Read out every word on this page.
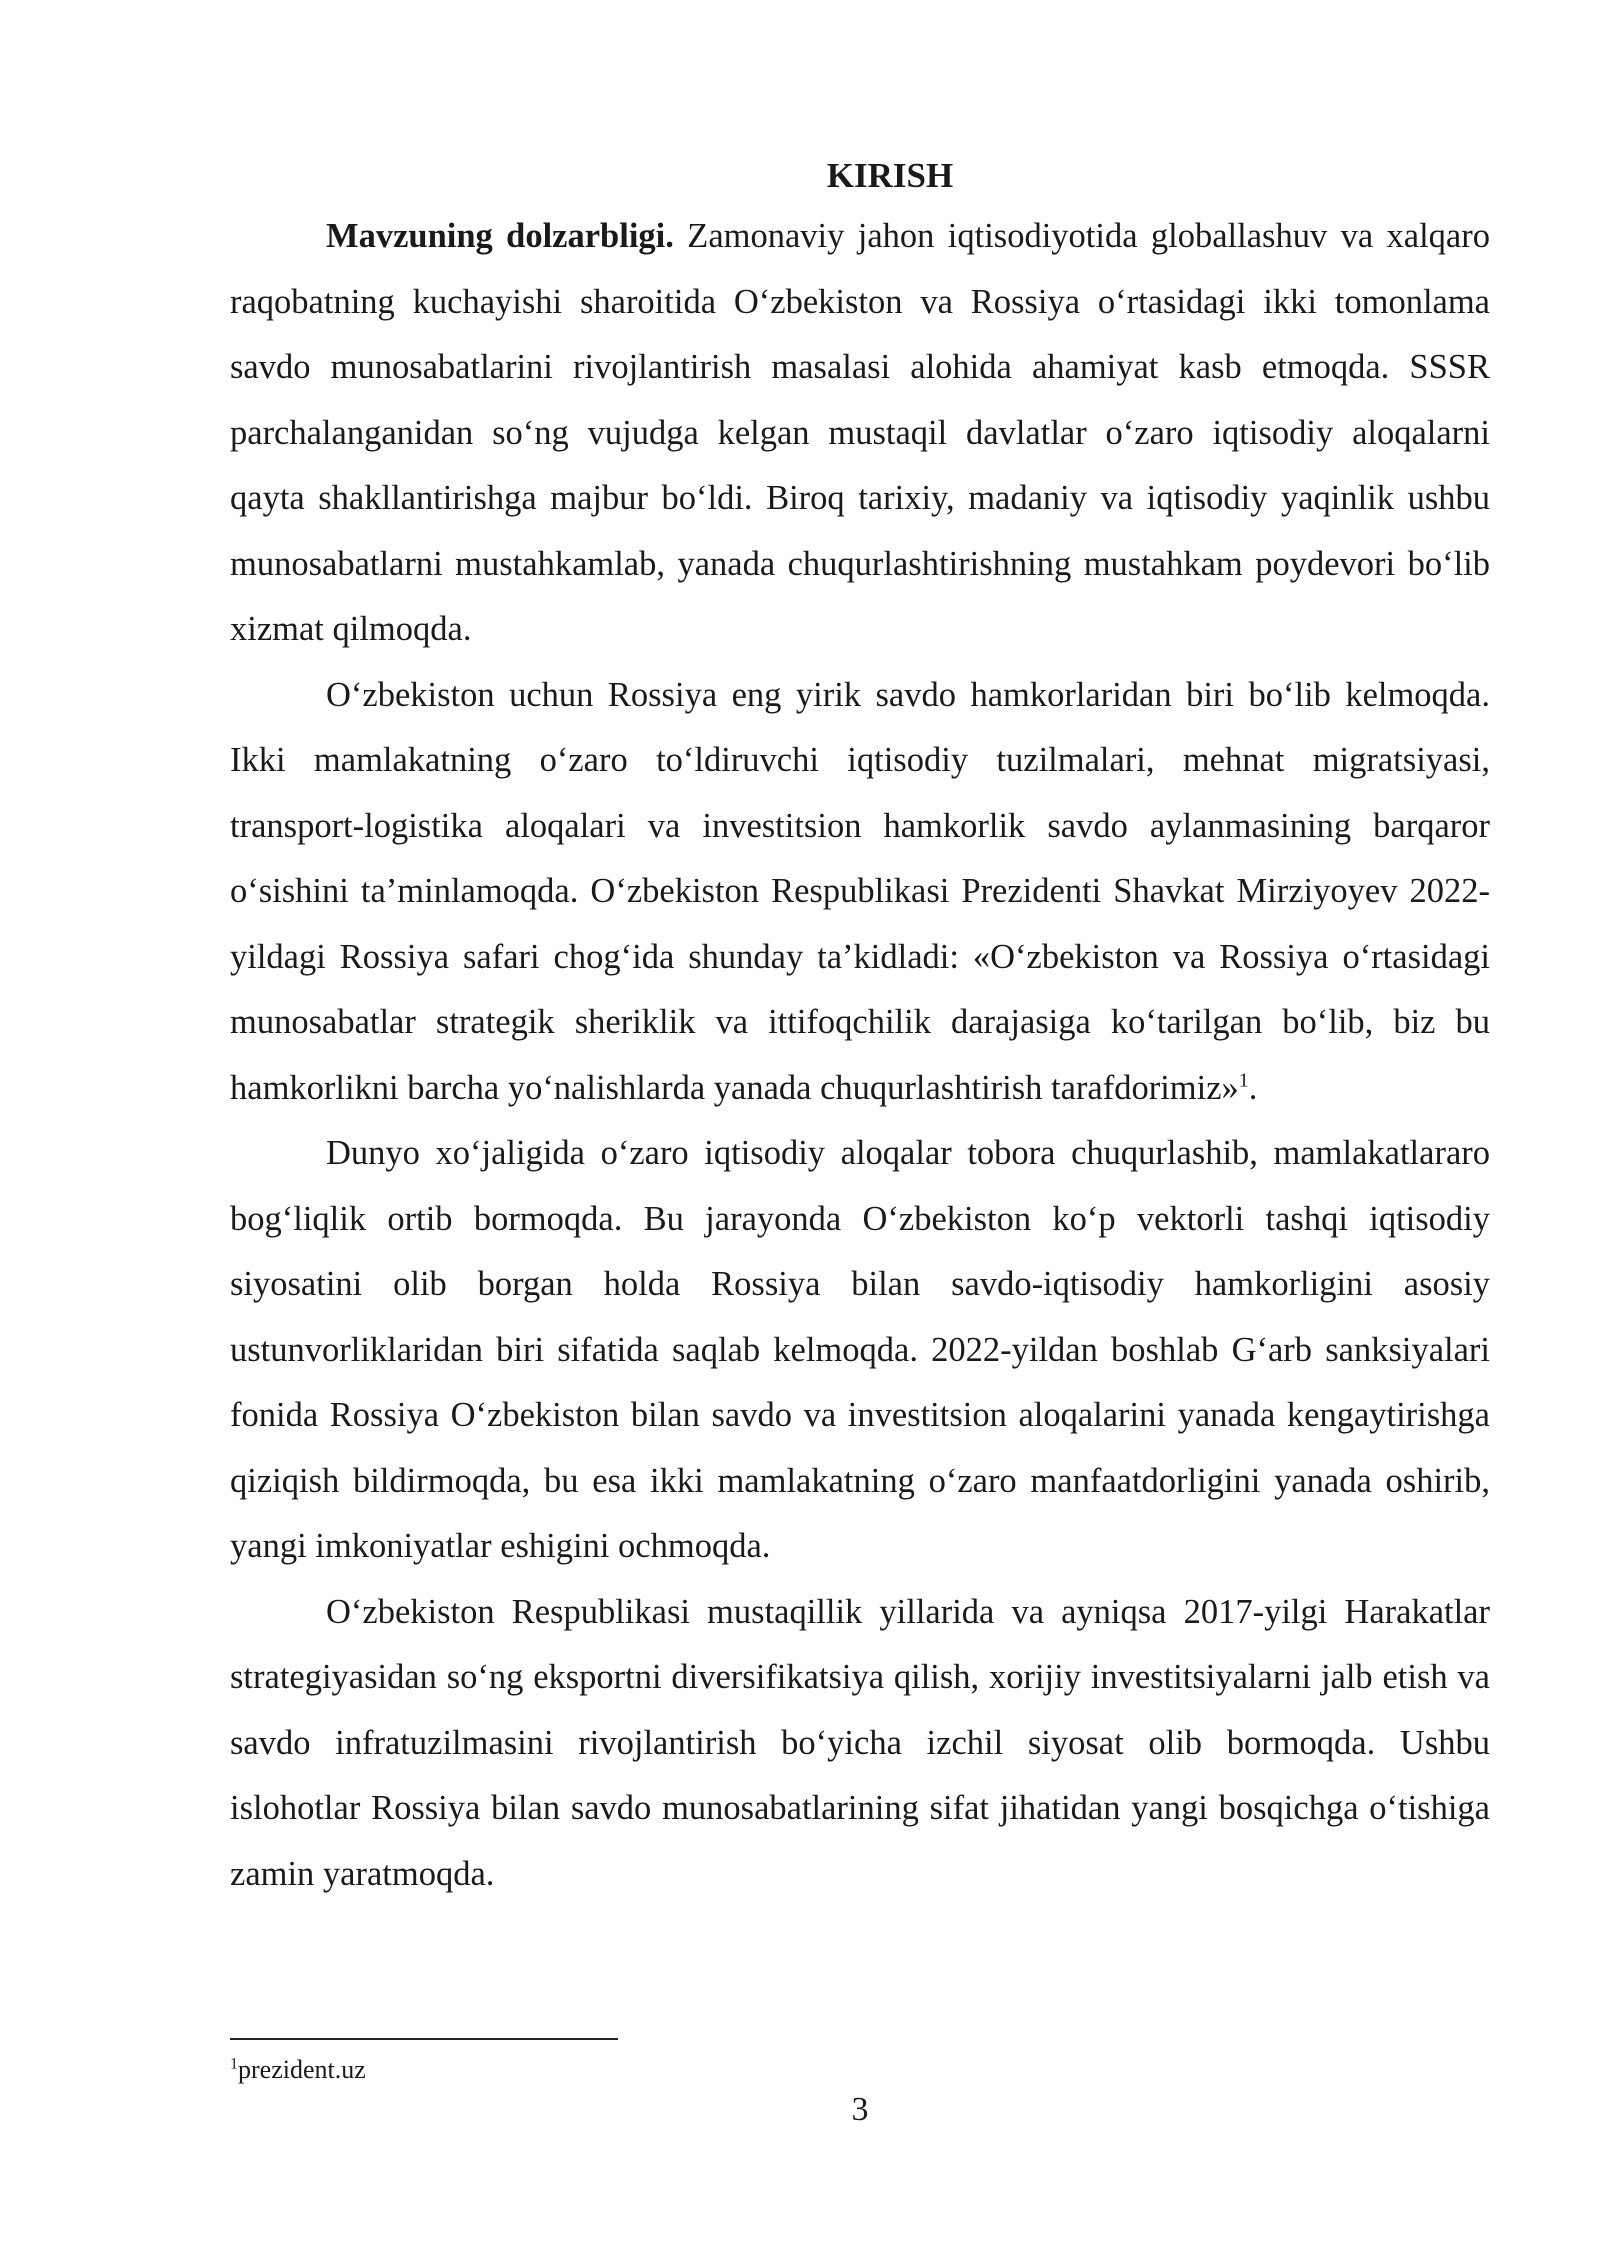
KIRISH

Mavzuning dolzarbligi. Zamonaviy jahon iqtisodiyotida globallashuv va xalqaro raqobatning kuchayishi sharoitida O‘zbekiston va Rossiya o‘rtasidagi ikki tomonlama savdo munosabatlarini rivojlantirish masalasi alohida ahamiyat kasb etmoqda. SSSR parchalanganidan so‘ng vujudga kelgan mustaqil davlatlar o‘zaro iqtisodiy aloqalarni qayta shakllantirishga majbur bo‘ldi. Biroq tarixiy, madaniy va iqtisodiy yaqinlik ushbu munosabatlarni mustahkamlab, yanada chuqurlashtirishning mustahkam poydevori bo‘lib xizmat qilmoqda.

O‘zbekiston uchun Rossiya eng yirik savdo hamkorlaridan biri bo‘lib kelmoqda. Ikki mamlakatning o‘zaro to‘ldiruvchi iqtisodiy tuzilmalari, mehnat migratsiyasi, transport-logistika aloqalari va investitsion hamkorlik savdo aylanmasining barqaror o‘sishini ta’minlamoqda. O‘zbekiston Respublikasi Prezidenti Shavkat Mirziyoyev 2022-yildagi Rossiya safari chog‘ida shunday ta’kidladi: «O‘zbekiston va Rossiya o‘rtasidagi munosabatlar strategik sheriklik va ittifoqchilik darajasiga ko‘tarilgan bo‘lib, biz bu hamkorlikni barcha yo‘nalishlarda yanada chuqurlashtirish tarafdorimiz»$^1$.

Dunyo xo‘jaligida o‘zaro iqtisodiy aloqalar tobora chuqurlashib, mamlakatlararo bog‘liqlik ortib bormoqda. Bu jarayonda O‘zbekiston ko‘p vektorli tashqi iqtisodiy siyosatini olib borgan holda Rossiya bilan savdo-iqtisodiy hamkorligini asosiy ustunvorliklaridan biri sifatida saqlab kelmoqda. 2022-yildan boshlab G‘arb sanksiyalari fonida Rossiya O‘zbekiston bilan savdo va investitsion aloqalarini yanada kengaytirishga qiziqish bildirmoqda, bu esa ikki mamlakatning o‘zaro manfaatdorligini yanada oshirib, yangi imkoniyatlar eshigini ochmoqda.

O‘zbekiston Respublikasi mustaqillik yillarida va ayniqsa 2017-yilgi Harakatlar strategiyasidan so‘ng eksportni diversifikatsiya qilish, xorijiy investitsiyalarni jalb etish va savdo infratuzilmasini rivojlantirish bo‘yicha izchil siyosat olib bormoqda. Ushbu islohotlar Rossiya bilan savdo munosabatlarining sifat jihatidan yangi bosqichga o‘tishiga zamin yaratmoqda.

$^1$prezident.uz
3
